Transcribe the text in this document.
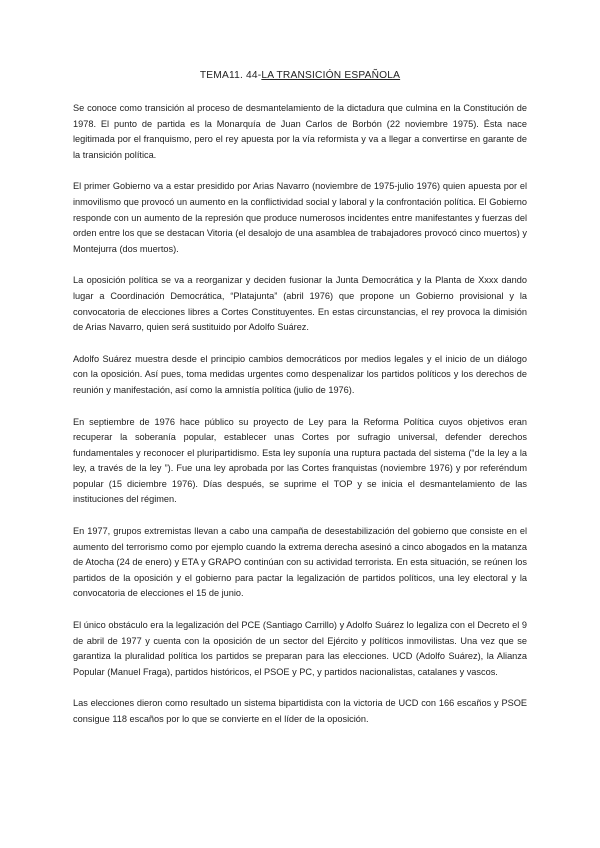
TEMA11. 44-LA TRANSICIÓN ESPAÑOLA

Se conoce como transición al proceso de desmantelamiento de la dictadura que culmina en la Constitución de 1978. El punto de partida es la Monarquía de Juan Carlos de Borbón (22 noviembre 1975). Ésta nace legitimada por el franquismo, pero el rey apuesta por la vía reformista y va a llegar a convertirse en garante de la transición política.

El primer Gobierno va a estar presidido por Arias Navarro (noviembre de 1975-julio 1976) quien apuesta por el inmovilismo que provocó un aumento en la conflictividad social y laboral y la confrontación política. El Gobierno responde con un aumento de la represión que produce numerosos incidentes entre manifestantes y fuerzas del orden entre los que se destacan Vitoria (el desalojo de una asamblea de trabajadores provocó cinco muertos) y Montejurra (dos muertos).

La oposición política se va a reorganizar y deciden fusionar la Junta Democrática y la Planta de Xxxx dando lugar a Coordinación Democrática, “Platajunta” (abril 1976) que propone un Gobierno provisional y la convocatoria de elecciones libres a Cortes Constituyentes. En estas circunstancias, el rey provoca la dimisión de Arias Navarro, quien será sustituido por Adolfo Suárez.

Adolfo Suárez muestra desde el principio cambios democráticos por medios legales y el inicio de un diálogo con la oposición. Así pues, toma medidas urgentes como despenalizar los partidos políticos y los derechos de reunión y manifestación, así como la amnistía política (julio de 1976).

En septiembre de 1976 hace público su proyecto de Ley para la Reforma Política cuyos objetivos eran recuperar la soberanía popular, establecer unas Cortes por sufragio universal, defender derechos fundamentales y reconocer el pluripartidismo. Esta ley suponía una ruptura pactada del sistema (“de la ley a la ley, a través de la ley ”). Fue una ley aprobada por las Cortes franquistas (noviembre 1976) y por referéndum popular (15 diciembre 1976). Días después, se suprime el TOP y se inicia el desmantelamiento de las instituciones del régimen.

En 1977, grupos extremistas llevan a cabo una campaña de desestabilización del gobierno que consiste en el aumento del terrorismo como por ejemplo cuando la extrema derecha asesinó a cinco abogados en la matanza de Atocha (24 de enero) y ETA y GRAPO continúan con su actividad terrorista. En esta situación, se reúnen los partidos de la oposición y el gobierno para pactar la legalización de partidos políticos, una ley electoral y la convocatoria de elecciones el 15 de junio.

El único obstáculo era la legalización del PCE (Santiago Carrillo) y Adolfo Suárez lo legaliza con el Decreto el 9 de abril de 1977 y cuenta con la oposición de un sector del Ejército y políticos inmovilistas. Una vez que se garantiza la pluralidad política los partidos se preparan para las elecciones. UCD (Adolfo Suárez), la Alianza Popular (Manuel Fraga), partidos históricos, el PSOE y PC, y partidos nacionalistas, catalanes y vascos.

Las elecciones dieron como resultado un sistema bipartidista con la victoria de UCD con 166 escaños y PSOE consigue 118 escaños por lo que se convierte en el líder de la oposición.
